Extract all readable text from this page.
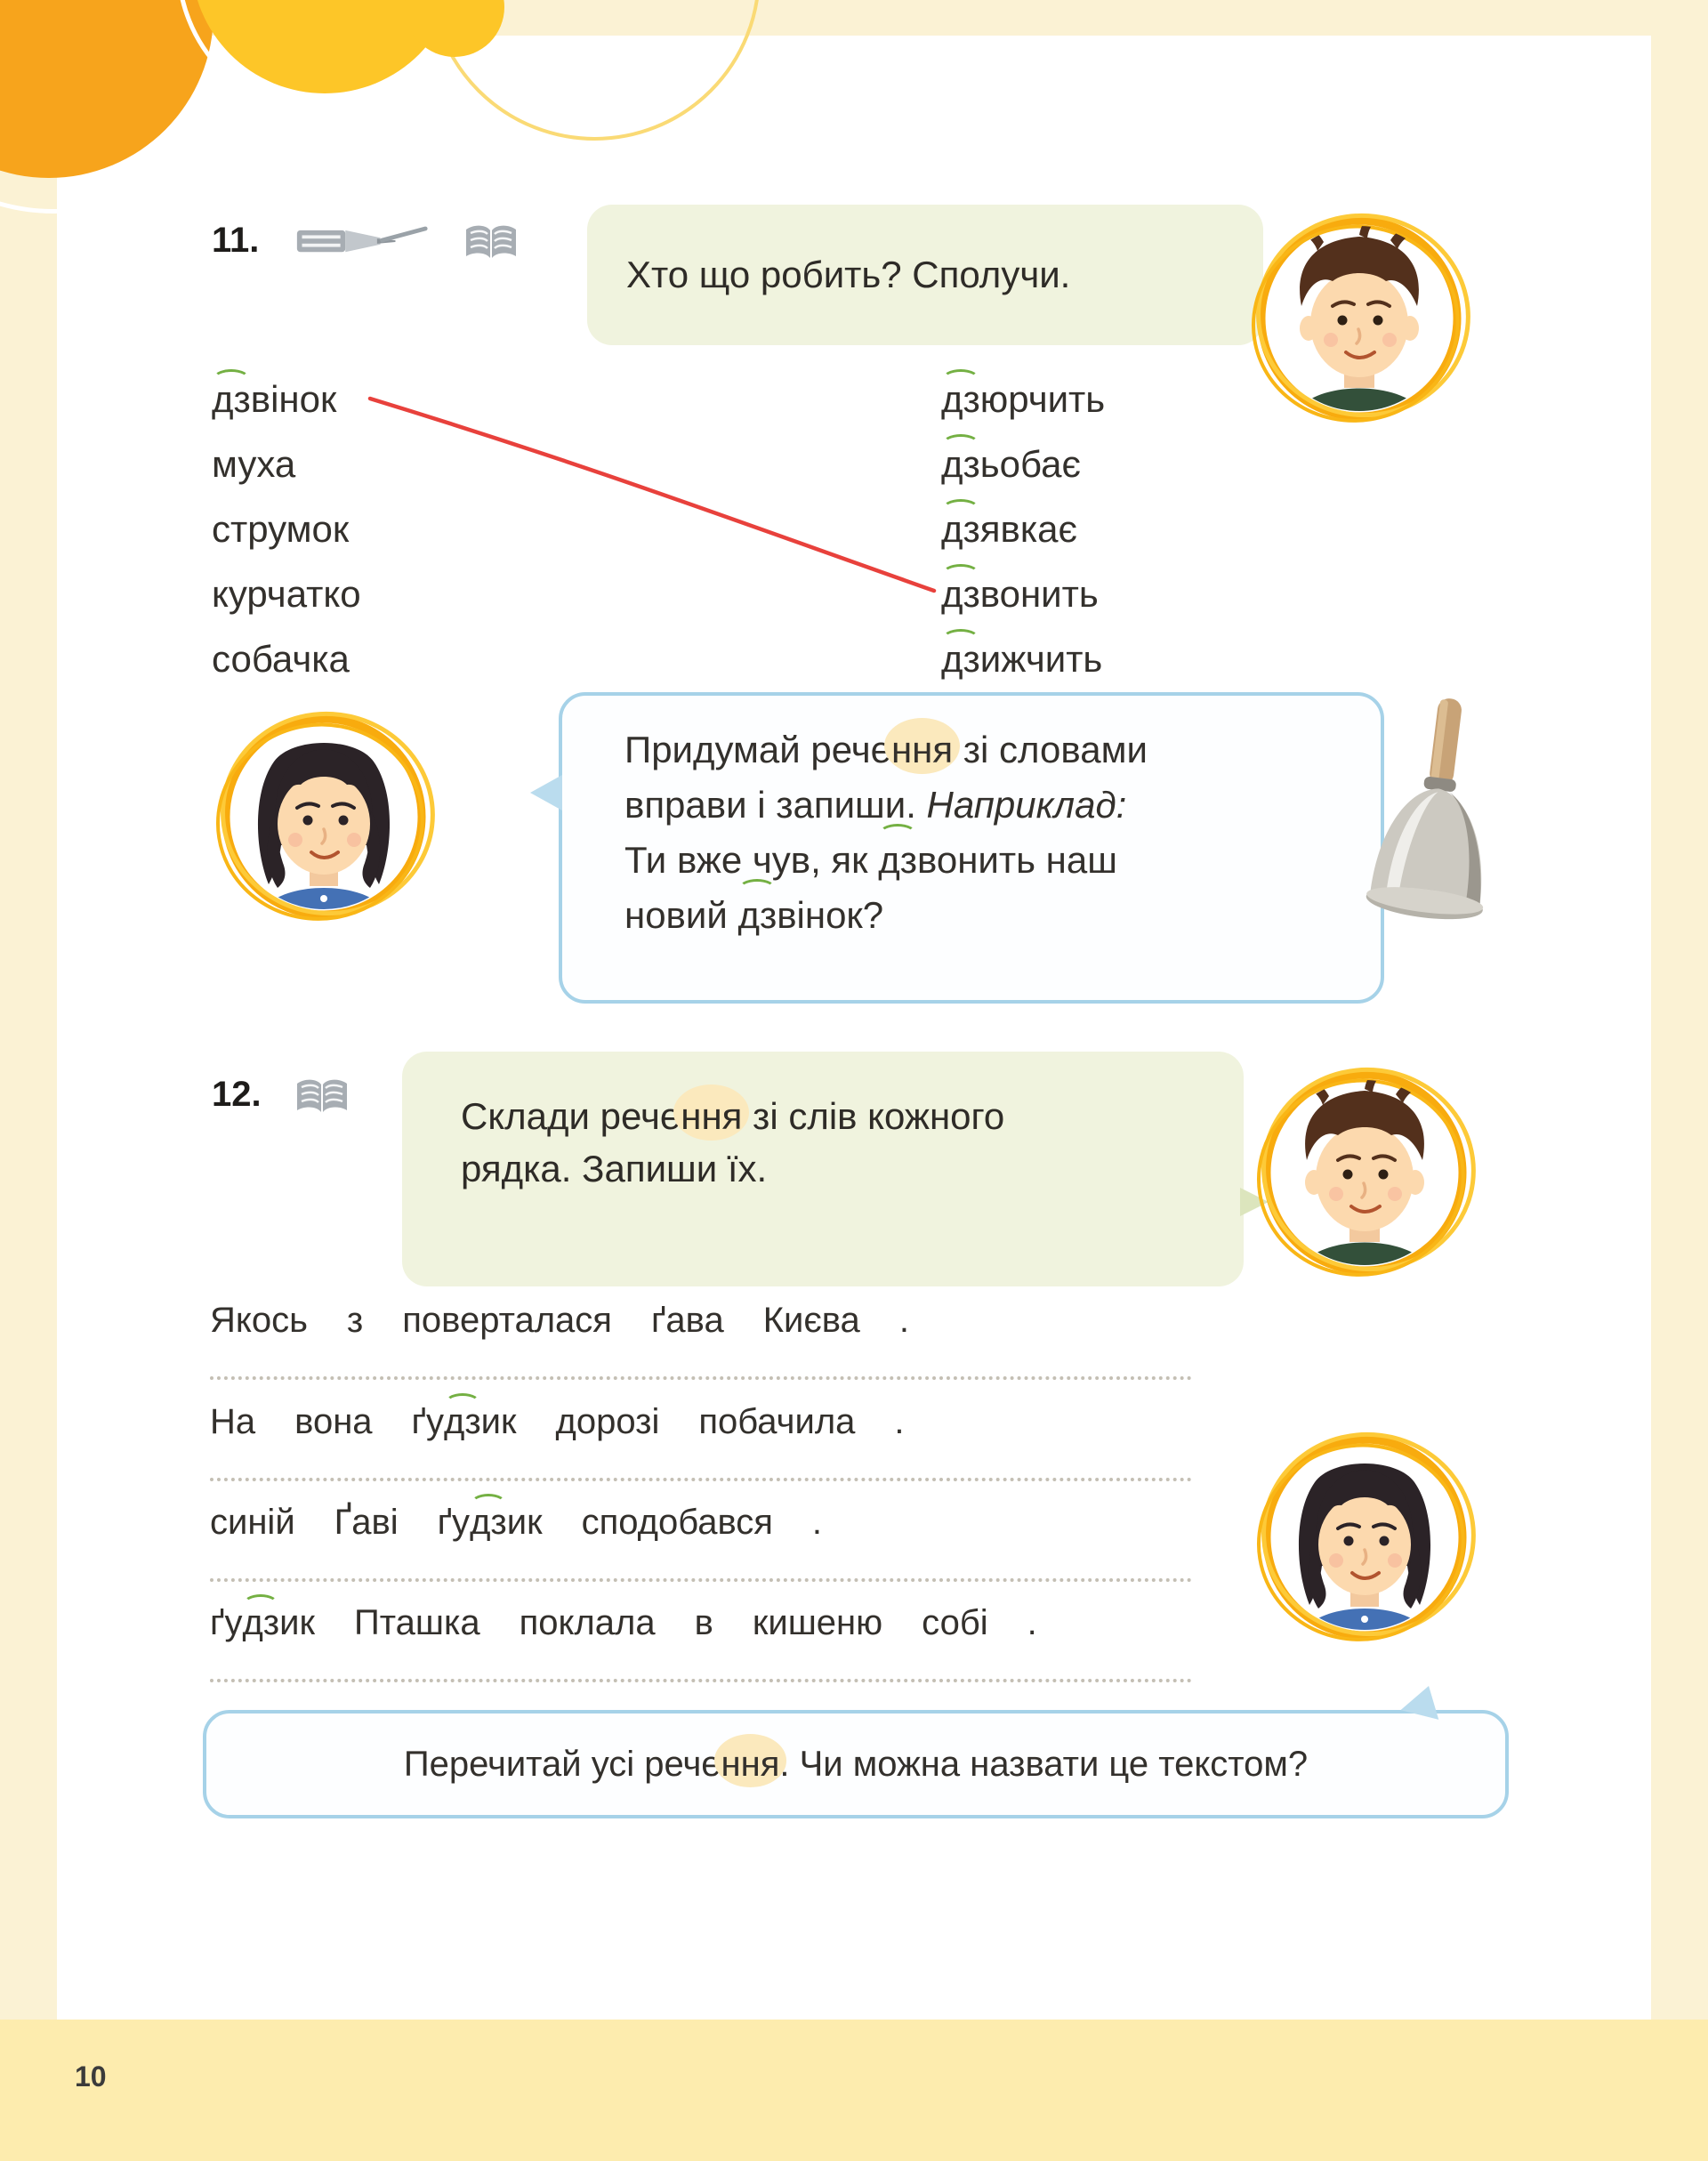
11.
Хто що робить? Сполучи.
дз вінок
муха
струмок
курчатко
собачка
дз юрчить
дз ьобає
дз явкає
дз вонить
дз ижчить

Придумай речення зі словами

вправи і запиши. Наприклад:

Ти вже чув, як дзвонить наш

новий дзвінок?

12.
Склади речення зі слів кожного
рядка. Запиши їх.
Якось з поверталася ґава Києва .
На вона ґудзик дорозі побачила .
синій Ґаві ґудзик сподобався .
ґудзик Пташка поклала в кишеню собі .
Перечитай усі речення. Чи можна назвати це текстом?
10
